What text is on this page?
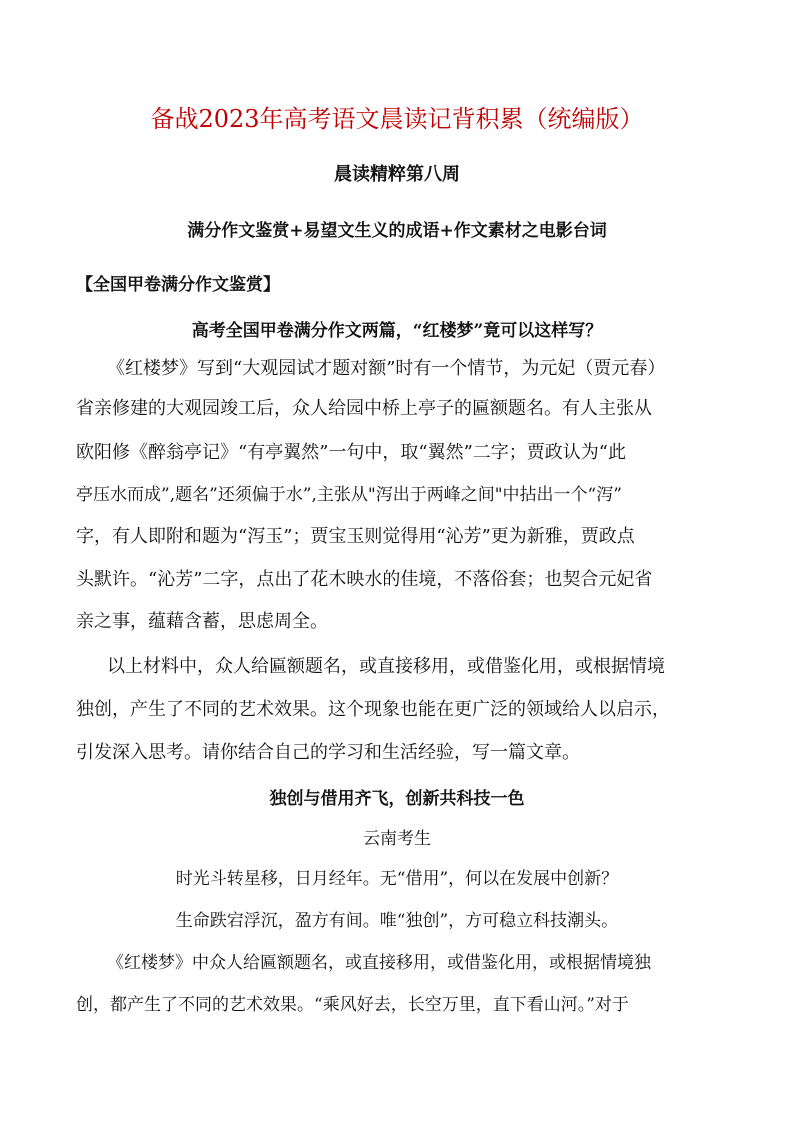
备战2023年高考语文晨读记背积累（统编版）
晨读精粹第八周
满分作文鉴赏+易望文生义的成语+作文素材之电影台词
【全国甲卷满分作文鉴赏】
高考全国甲卷满分作文两篇，“红楼梦”竟可以这样写？
《红楼梦》写到“大观园试才题对额”时有一个情节，为元妃（贾元春）
省亲修建的大观园竣工后，众人给园中桥上亭子的匾额题名。有人主张从
欧阳修《醉翁亭记》“有亭翼然”一句中，取“翼然”二字；贾政认为“此
亭压水而成”,题名”还须偏于水”,主张从"泻出于两峰之间"中拈出一个“泻”
字，有人即附和题为“泻玉”；贾宝玉则觉得用“沁芳”更为新雅，贾政点
头默许。“沁芳”二字，点出了花木映水的佳境，不落俗套；也契合元妃省
亲之事，蕴藉含蓄，思虑周全。
以上材料中，众人给匾额题名，或直接移用，或借鉴化用，或根据情境
独创，产生了不同的艺术效果。这个现象也能在更广泛的领域给人以启示，
引发深入思考。请你结合自己的学习和生活经验，写一篇文章。
独创与借用齐飞，创新共科技一色
云南考生
时光斗转星移，日月经年。无“借用”，何以在发展中创新？
生命跌宕浮沉，盈方有间。唯“独创”，方可稳立科技潮头。
《红楼梦》中众人给匾额题名，或直接移用，或借鉴化用，或根据情境独
创，都产生了不同的艺术效果。“乘风好去，长空万里，直下看山河。”对于
